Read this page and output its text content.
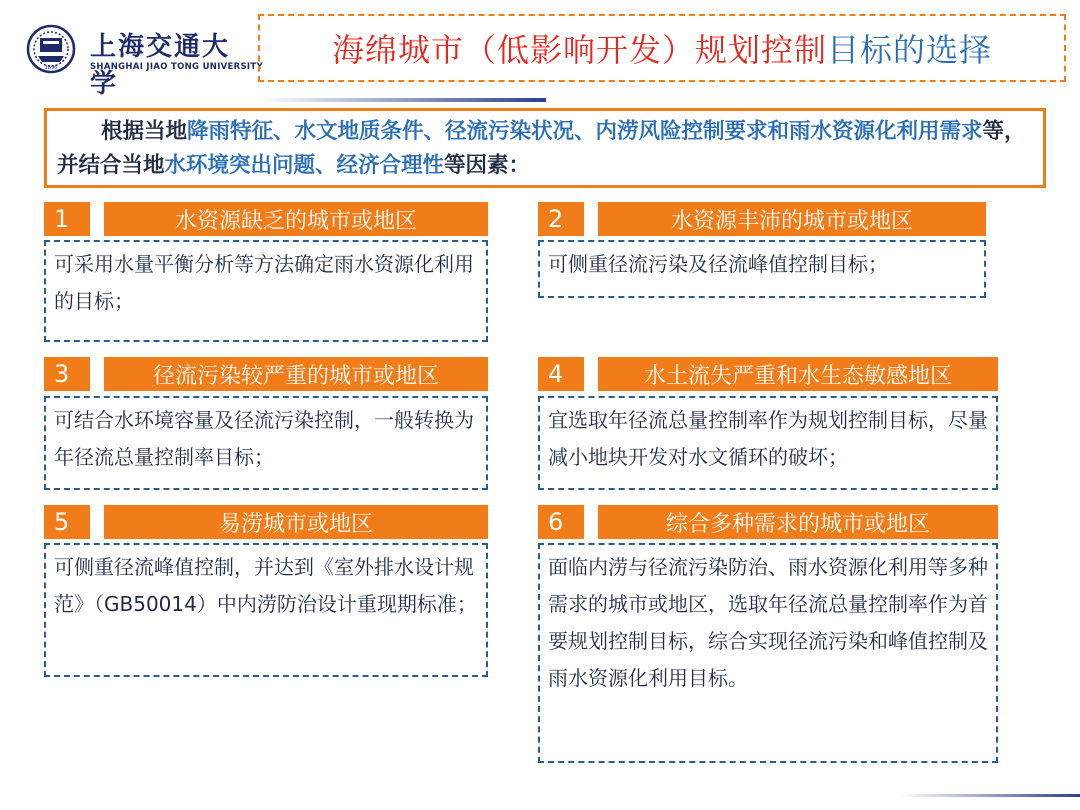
1896
上海交通大学
SHANGHAI JIAO TONG UNIVERSITY 海绵城市（低影响开发）规划控制 目标的选择
根据当地降雨特征、水文地质条件、径流污染状况、内涝风险控制要求和雨水资源化利用需求等，并结合当地水环境突出问题、经济合理性等因素：
1	水资源缺乏的城市或地区
可采用水量平衡分析等方法确定雨水资源化利用的目标；
2	水资源丰沛的城市或地区
可侧重径流污染及径流峰值控制目标；
3	径流污染较严重的城市或地区
可结合水环境容量及径流污染控制，一般转换为年径流总量控制率目标；
4	水土流失严重和水生态敏感地区
宜选取年径流总量控制率作为规划控制目标，尽量减小地块开发对水文循环的破坏；
5	易涝城市或地区
可侧重径流峰值控制，并达到《室外排水设计规范》（GB50014）中内涝防治设计重现期标准；
6	综合多种需求的城市或地区
面临内涝与径流污染防治、雨水资源化利用等多种需求的城市或地区，选取年径流总量控制率作为首要规划控制目标，综合实现径流污染和峰值控制及雨水资源化利用目标。
